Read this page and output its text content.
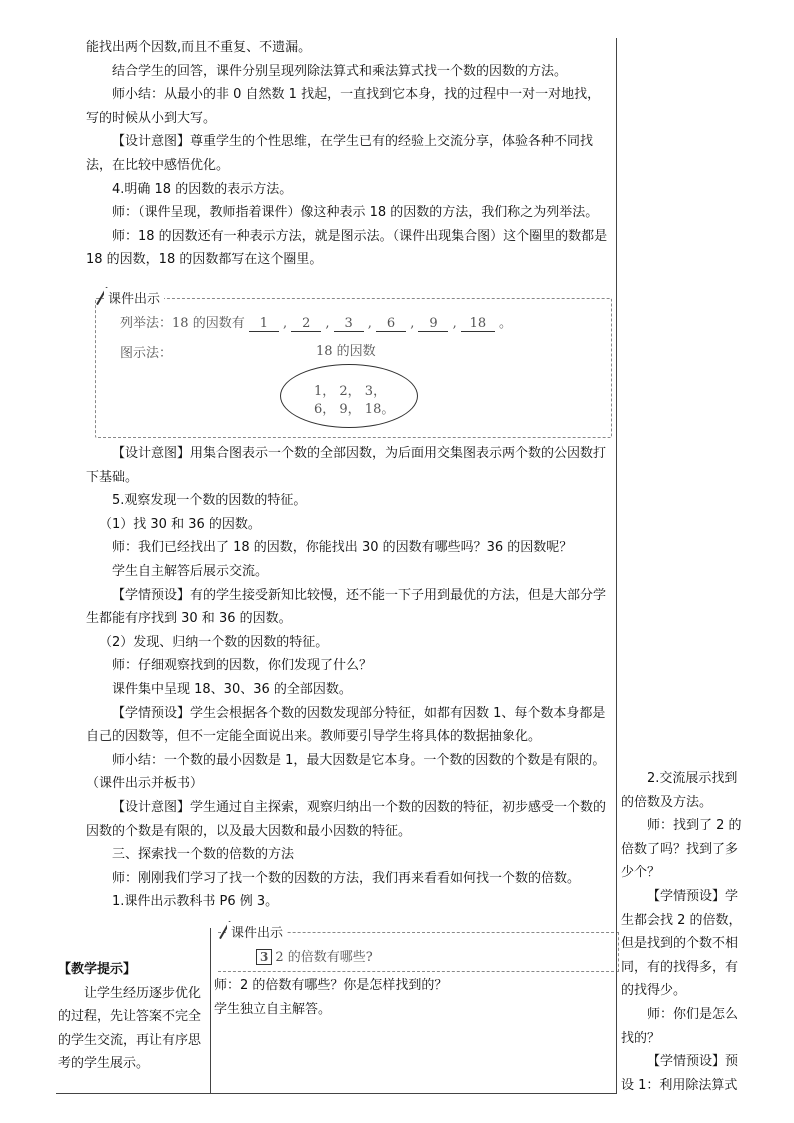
能找出两个因数,而且不重复、不遗漏。

结合学生的回答，课件分别呈现列除法算式和乘法算式找一个数的因数的方法。

师小结：从最小的非 0 自然数 1 找起，一直找到它本身，找的过程中一对一对地找，写的时候从小到大写。

【设计意图】尊重学生的个性思维，在学生已有的经验上交流分享，体验各种不同找法，在比较中感悟优化。

4.明确 18 的因数的表示方法。

师：（课件呈现，教师指着课件）像这种表示 18 的因数的方法，我们称之为列举法。

师：18 的因数还有一种表示方法，就是图示法。（课件出现集合图）这个圈里的数都是 18 的因数，18 的因数都写在这个圈里。

课件出示
列举法：18 的因数有 1 , 2 , 3 , 6 , 9 , 18 。
图示法：	18 的因数
1， 2， 3，
6， 9， 18。

【设计意图】用集合图表示一个数的全部因数，为后面用交集图表示两个数的公因数打下基础。

5.观察发现一个数的因数的特征。

（1）找 30 和 36 的因数。

师：我们已经找出了 18 的因数，你能找出 30 的因数有哪些吗？36 的因数呢？

学生自主解答后展示交流。

【学情预设】有的学生接受新知比较慢，还不能一下子用到最优的方法，但是大部分学生都能有序找到 30 和 36 的因数。

（2）发现、归纳一个数的因数的特征。

师：仔细观察找到的因数，你们发现了什么？

课件集中呈现 18、30、36 的全部因数。

【学情预设】学生会根据各个数的因数发现部分特征，如都有因数 1、每个数本身都是自己的因数等，但不一定能全面说出来。教师要引导学生将具体的数据抽象化。

师小结：一个数的最小因数是 1，最大因数是它本身。一个数的因数的个数是有限的。（课件出示并板书）

【设计意图】学生通过自主探索，观察归纳出一个数的因数的特征，初步感受一个数的因数的个数是有限的，以及最大因数和最小因数的特征。

三、探索找一个数的倍数的方法

师：刚刚我们学习了找一个数的因数的方法，我们再来看看如何找一个数的倍数。

1.课件出示教科书 P6 例 3。

课件出示
3 2 的倍数有哪些?
师：2 的倍数有哪些？你是怎样找到的？
学生独立自主解答。

【教学提示】

让学生经历逐步优化的过程，先让答案不完全的学生交流，再让有序思考的学生展示。

2.交流展示找到的倍数及方法。

师：找到了 2 的倍数了吗？找到了多少个？

【学情预设】学生都会找 2 的倍数，但是找到的个数不相同，有的找得多，有的找得少。

师：你们是怎么找的？

【学情预设】预设 1：利用除法算式
